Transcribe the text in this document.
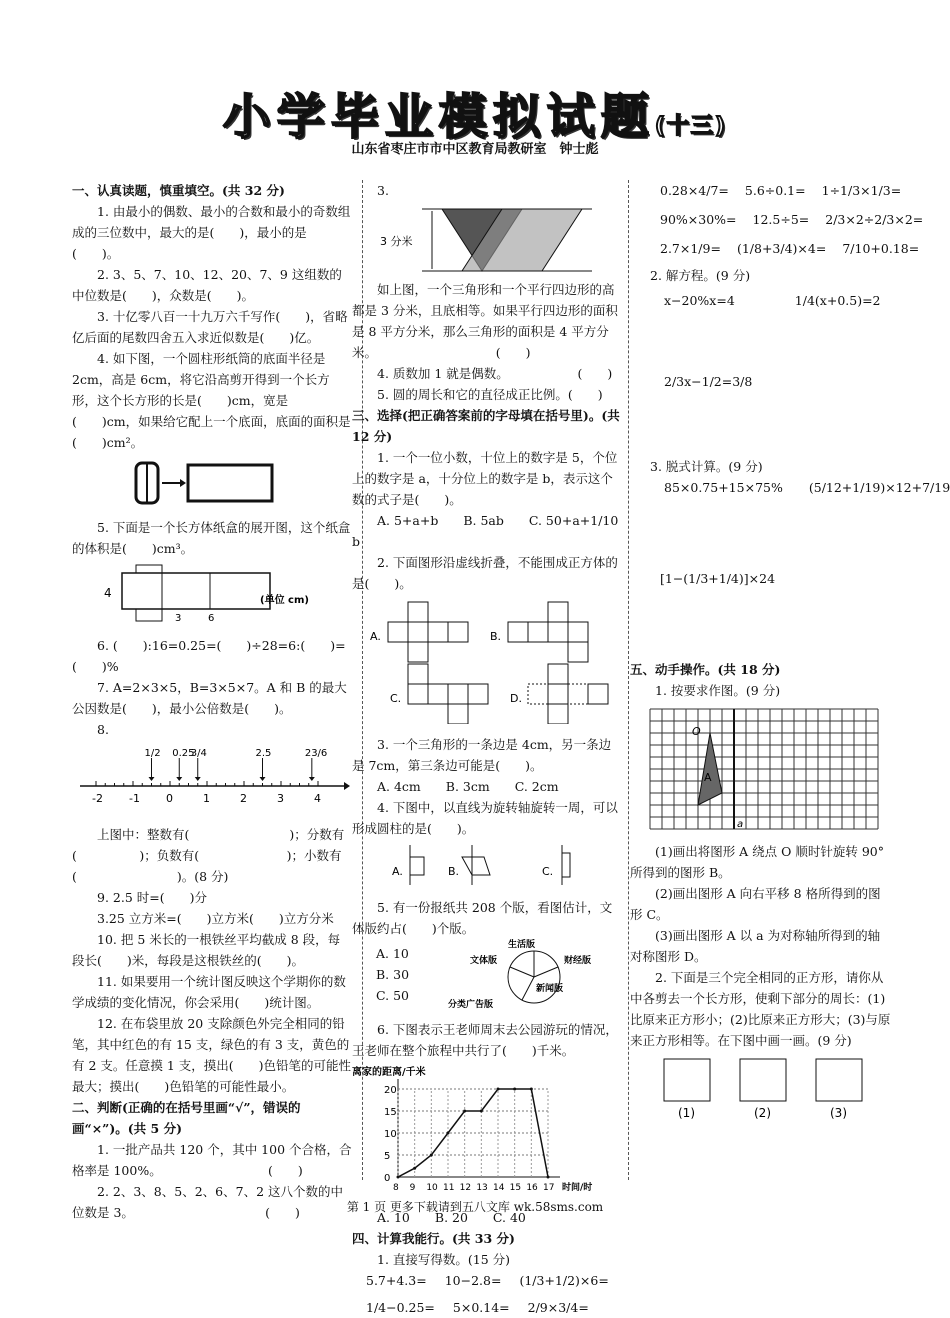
小学毕业模拟试题(十三)
山东省枣庄市市中区教育局教研室　钟士彪

一、认真读题，慎重填空。(共 32 分)

1. 由最小的偶数、最小的合数和最小的奇数组成的三位数中，最大的是(　　)，最小的是(　　)。

2. 3、5、7、10、12、20、7、9 这组数的中位数是(　　)，众数是(　　)。

3. 十亿零八百一十九万六千写作(　　)，省略亿后面的尾数四舍五入求近似数是(　　)亿。

4. 如下图，一个圆柱形纸筒的底面半径是 2cm，高是 6cm，将它沿高剪开得到一个长方形，这个长方形的长是(　　)cm，宽是(　　)cm，如果给它配上一个底面，底面的面积是(　　)cm²。

5. 下面是一个长方体纸盒的展开图，这个纸盒的体积是(　　)cm³。

4
3	6
(单位 cm)

6. (　　):16=0.25=(　　)÷28=6:(　　)=(　　)%

7. A=2×3×5，B=3×5×7。A 和 B 的最大公因数是(　　)，最小公倍数是(　　)。

8.

-2 -1 0	1	2	3	4
1/2 0.25
3/4	2.5	23/6

上图中：整数有(　　　　　　　　)；分数有(　　　　　)；负数有(　　　　　　　)；小数有(　　　　　　　　)。(8 分)

9. 2.5 时=(　　)分

3.25 立方米=(　　)立方米(　　)立方分米

10. 把 5 米长的一根铁丝平均截成 8 段，每段长(　　)米，每段是这根铁丝的(　　)。

11. 如果要用一个统计图反映这个学期你的数学成绩的变化情况，你会采用(　　)统计图。

12. 在布袋里放 20 支除颜色外完全相同的铅笔，其中红色的有 15 支，绿色的有 3 支，黄色的有 2 支。任意摸 1 支，摸出(　　)色铅笔的可能性最大；摸出(　　)色铅笔的可能性最小。

二、判断(正确的在括号里画“√”，错误的画“×”)。(共 5 分)

1. 一批产品共 120 个，其中 100 个合格，合格率是 100%。　　　　　　　　　(　　)

2. 2、3、8、5、2、6、7、2 这八个数的中位数是 3。　　　　　　　　　　　(　　)

3.

3 分米

如上图，一个三角形和一个平行四边形的高都是 3 分米，且底相等。如果平行四边形的面积是 8 平方分米，那么三角形的面积是 4 平方分米。　　　　　　　　　　(　　)

4. 质数加 1 就是偶数。　　　　　　(　　)

5. 圆的周长和它的直径成正比例。(　　)

三、选择(把正确答案前的字母填在括号里)。(共 12 分)

1. 一个一位小数，十位上的数字是 5，个位上的数字是 a，十分位上的数字是 b，表示这个数的式子是(　　)。

A. 5+a+b　　B. 5ab　　C. 50+a+1/10 b

2. 下面图形沿虚线折叠，不能围成正方体的是(　　)。

A.	B.
C.	D.

3. 一个三角形的一条边是 4cm，另一条边是 7cm，第三条边可能是(　　)。

A. 4cm　　B. 3cm　　C. 2cm

4. 下图中，以直线为旋转轴旋转一周，可以形成圆柱的是(　　)。

A.	B.	C.

5. 有一份报纸共 208 个版，看图估计，文体版约占(　　)个版。

A. 10
B. 30
C. 50
生活版
文体版	财经版
新闻版
分类广告版

6. 下图表示王老师周末去公园游玩的情况，王老师在整个旅程中共行了(　　)千米。

离家的距离/千米
0
5
10
15
20
8 9 10 11 12 13 14 15 16 17 时间/时

A. 10　　B. 20　　C. 40

四、计算我能行。(共 33 分)

1. 直接写得数。(15 分)

5.7+4.3= 10−2.8= (1/3+1/2)×6=
1/4−0.25= 5×0.14= 2/9×3/4=
0.28×4/7= 5.6÷0.1= 1÷1/3×1/3=
90%×30%= 12.5÷5= 2/3×2÷2/3×2=
2.7×1/9= (1/8+3/4)×4= 7/10+0.18=

2. 解方程。(9 分)

x−20%x=4	1/4(x+0.5)=2

2/3x−1/2=3/8

3. 脱式计算。(9 分)

85×0.75+15×75% (5/12+1/19)×12+7/19

[1−(1/3+1/4)]×24

五、动手操作。(共 18 分)

1. 按要求作图。(9 分)

O
A
a

(1)画出将图形 A 绕点 O 顺时针旋转 90°所得到的图形 B。

(2)画出图形 A 向右平移 8 格所得到的图形 C。

(3)画出图形 A 以 a 为对称轴所得到的轴对称图形 D。

2. 下面是三个完全相同的正方形，请你从中各剪去一个长方形，使剩下部分的周长：(1)比原来正方形小；(2)比原来正方形大；(3)与原来正方形相等。在下图中画一画。(9 分)

(1)	(2)	(3)
第 1 页 更多下载请到五八文库 wk.58sms.com
